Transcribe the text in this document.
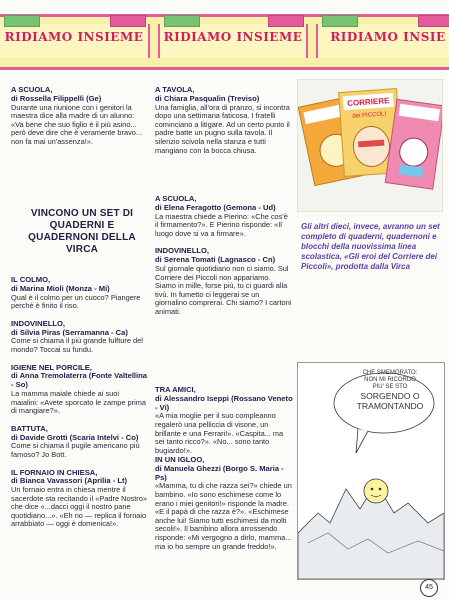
RIDIAMO INSIEME	RIDIAMO INSIEME	RIDIAMO INSIE

A SCUOLA,

di Rossella Filippelli (Ge)

Durante una riunione con i genitori la maestra dice alla madre di un alunno: «Va bene che suo figlio è il più asino... però deve dire che è veramente bravo... non fa mai un'assenza!».

VINCONO UN SET DI QUADERNI E QUADERNONI DELLA VIRCA

IL COLMO,

di Marina Mioli (Monza - Mi)

Qual è il colmo per un cuoco? Piangere perché è finito il riso.

INDOVINELLO,

di Silvia Piras (Serramanna - Ca)

Come si chiama il più grande fulfture del mondo? Toccai su fundu.

IGIENE NEL PORCILE,

di Anna Tremolaterra (Fonte Valtellina - So)

La mamma maiale chiede ai suoi maialini: «Avete sporcato le zampe prima di mangiare?».

BATTUTA,

di Davide Grotti (Scaria Intelvi - Co)

Come si chiama il pugile americano più famoso? Jo Bott.

IL FORNAIO IN CHIESA,

di Bianca Vavassori (Aprilia - Lt)

Un fornaio entra in chiesa mentre il sacerdote sta recitando il «Padre Nostro» che dice «...dacci oggi il nostro pane quotidiano...». «Eh no — replica il fornaio arrabbiato — oggi è domenica!».

A TAVOLA,

di Chiara Pasqualin (Treviso)

Una famiglia, all'ora di pranzo, si incontra dopo una settimana faticosa. I fratelli cominciano a litigare. Ad un certo punto il padre batte un pugno sulla tavola. Il silenzio scivola nella stanza e tutti mangiano con la bocca chiusa.

A SCUOLA,

di Elena Feragotto (Gemona - Ud)

La maestra chiede a Pierino: «Che cos'è il firmamento?». E Pierino risponde: «Il luogo dove si va a firmare».

INDOVINELLO,

di Serena Tomati (Lagnasco - Cn)

Sul giornale quotidiano non ci siamo. Sul Corriere dei Piccoli non appariamo. Siamo in mille, forse più, tu ci guardi alla tivù. In fumetto ci leggerai se un giornalino comprerai. Chi siamo? I cartoni animati.

TRA AMICI,

di Alessandro Iseppi (Rossano Veneto - Vi)

«A mia moglie per il suo compleanno regalerò una pelliccia di visone, un brillante e una Ferrari!». «Caspita... ma sei tanto ricco?». «No... sono tanto bugiardo!».

IN UN IGLOO,

di Manuela Ghezzi (Borgo S. Maria - Ps)

«Mamma, tu di che razza sei?» chiede un bambino. «Io sono eschimese come lo erano i miei genitori!» risponde la madre. «E il papà di che razza è?». «Eschimese anche lui! Siamo tutti eschimesi da molti secoli!». Il bambino allora arrossendo risponde: «Mi vergogno a dirlo, mamma... ma io ho sempre un grande freddo!».

CORRIERE
dei PICCOLI
Gli altri dieci, invece, avranno un set completo di quaderni, quadernoni e blocchi della nuovissima linea scolastica, «Gli eroi del Corriere dei Piccoli», prodotta dalla Virca
CHE SMEMORATO:
NON MI RICORDO
PIU' SE STO
SORGENDO O
TRAMONTANDO
45
